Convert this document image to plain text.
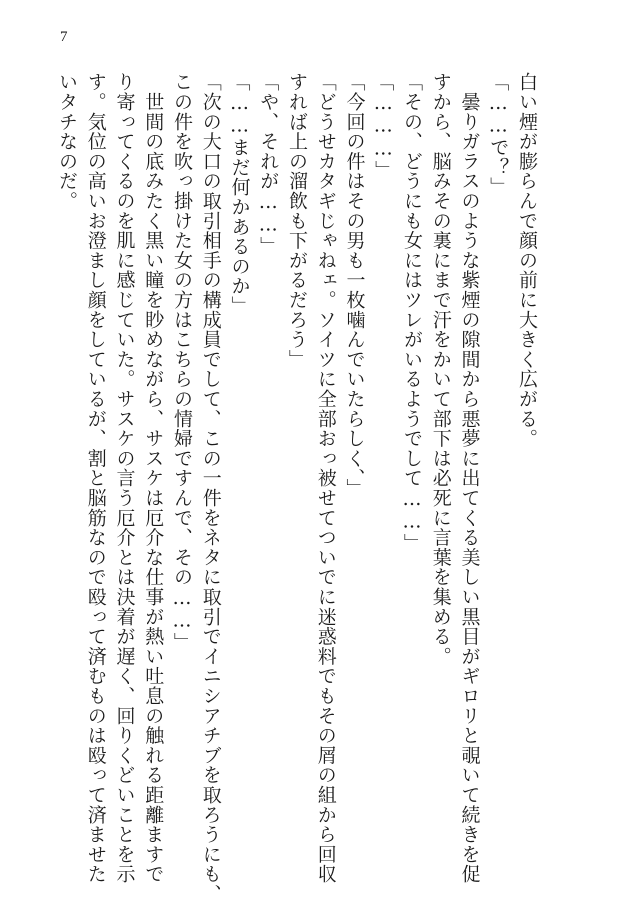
7
白い煙が膨らんで顔の前に大きく広がる。
「……で？」
　曇りガラスのような紫煙の隙間から悪夢に出てくる美しい黒目がギロリと覗いて続きを促
すから、脳みその裏にまで汗をかいて部下は必死に言葉を集める。
「その、どうにも女にはツレがいるようでして……」
「………」
「今回の件はその男も一枚噛んでいたらしく、」
「どうせカタギじゃねェ。ソイツに全部おっ被せてついでに迷惑料でもその屑の組から回収
すれば上の溜飲も下がるだろう」
「や、それが……」
「……まだ何かあるのか」
「次の大口の取引相手の構成員でして、この一件をネタに取引でイニシアチブを取ろうにも、
この件を吹っ掛けた女の方はこちらの情婦ですんで、その……」
　世間の底みたく黒い瞳を眇めながら、サスケは厄介な仕事が熱い吐息の触れる距離ますで
り寄ってくるのを肌に感じていた。サスケの言う厄介とは決着が遅く、回りくどいことを示
す。気位の高いお澄まし顔をしているが、割と脳筋なので殴って済むものは殴って済ませた
いタチなのだ。
